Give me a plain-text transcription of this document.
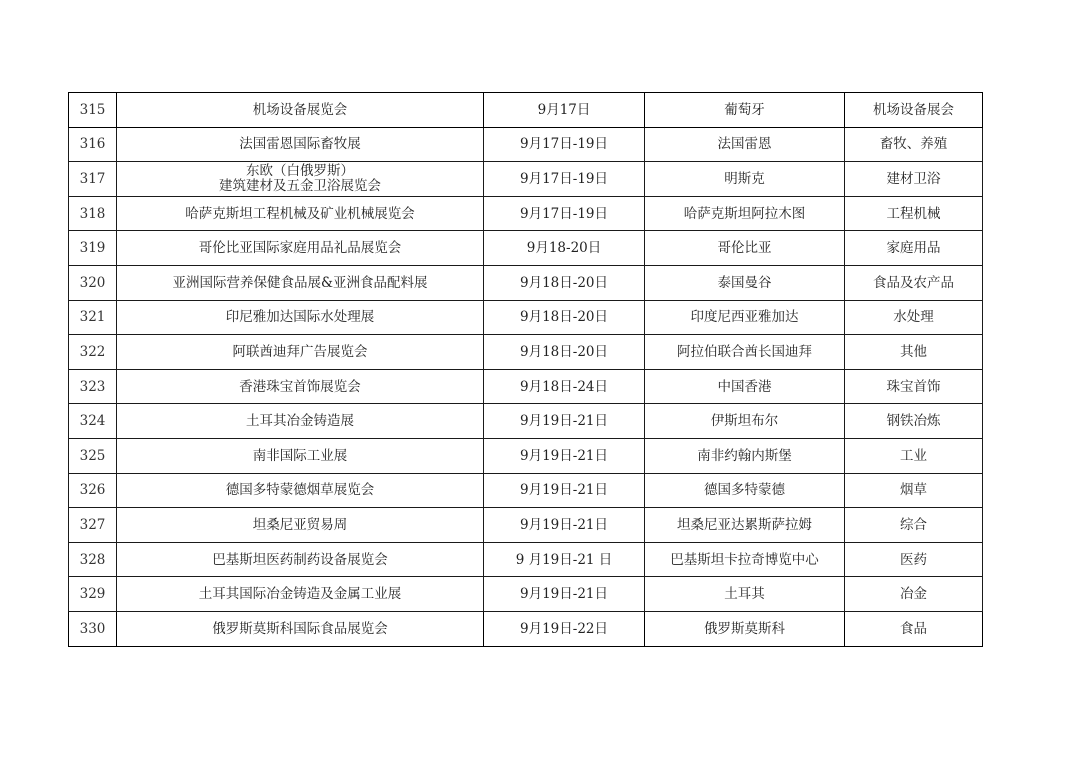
315	机场设备展览会	9月17日	葡萄牙	机场设备展会
316	法国雷恩国际畜牧展	9月17日-19日	法国雷恩	畜牧、养殖
317	东欧（白俄罗斯）
建筑建材及五金卫浴展览会	9月17日-19日	明斯克	建材卫浴
318	哈萨克斯坦工程机械及矿业机械展览会	9月17日-19日	哈萨克斯坦阿拉木图	工程机械
319	哥伦比亚国际家庭用品礼品展览会	9月18-20日	哥伦比亚	家庭用品
320	亚洲国际营养保健食品展&亚洲食品配料展	9月18日-20日	泰国曼谷	食品及农产品
321	印尼雅加达国际水处理展	9月18日-20日	印度尼西亚雅加达	水处理
322	阿联酋迪拜广告展览会	9月18日-20日	阿拉伯联合酋长国迪拜	其他
323	香港珠宝首饰展览会	9月18日-24日	中国香港	珠宝首饰
324	土耳其冶金铸造展	9月19日-21日	伊斯坦布尔	钢铁冶炼
325	南非国际工业展	9月19日-21日	南非约翰内斯堡	工业
326	德国多特蒙德烟草展览会	9月19日-21日	德国多特蒙德	烟草
327	坦桑尼亚贸易周	9月19日-21日	坦桑尼亚达累斯萨拉姆	综合
328	巴基斯坦医药制药设备展览会	9 月19日-21 日	巴基斯坦卡拉奇博览中心	医药
329	土耳其国际冶金铸造及金属工业展	9月19日-21日	土耳其	冶金
330	俄罗斯莫斯科国际食品展览会	9月19日-22日	俄罗斯莫斯科	食品
